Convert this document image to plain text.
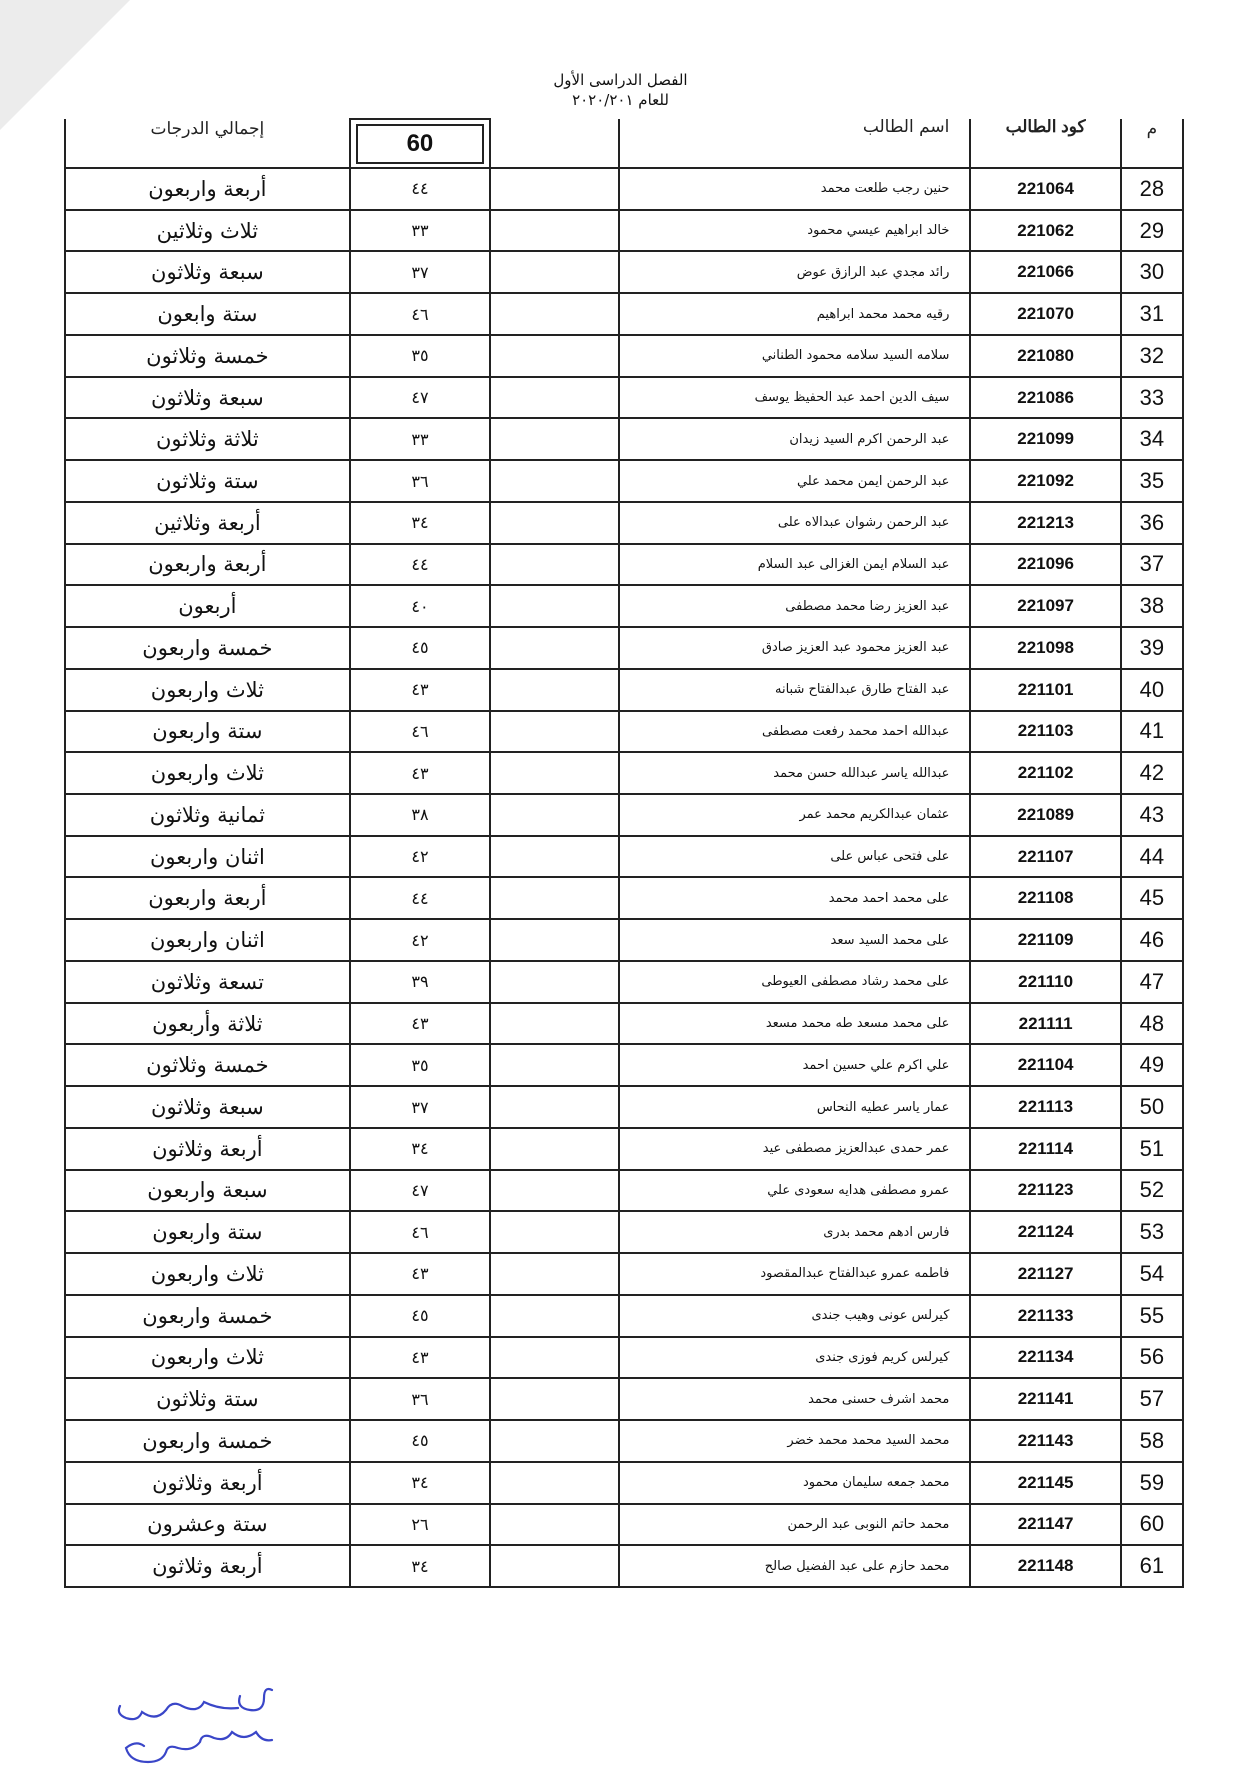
الفصل الدراسى الأول
للعام ٢٠٢٠/٢٠١
$^{إجمالي الدرجات}$	60		اسم الطالب	كود الطالب	$^م$
أربعة واربعون	٤٤		حنين رجب طلعت محمد	221064	28
ثلاث وثلاثين	٣٣		خالد ابراهيم عيسي محمود	221062	29
سبعة وثلاثون	٣٧		رائد مجدي عبد الرازق عوض	221066	30
ستة وابعون	٤٦		رقيه محمد محمد ابراهيم	221070	31
خمسة وثلاثون	٣٥		سلامه السيد سلامه محمود الطناني	221080	32
سبعة وثلاثون	٤٧		سيف الدين احمد عبد الحفيظ يوسف	221086	33
ثلاثة وثلاثون	٣٣		عبد الرحمن اكرم السيد زيدان	221099	34
ستة وثلاثون	٣٦		عبد الرحمن ايمن محمد علي	221092	35
أربعة وثلاثين	٣٤		عبد الرحمن رشوان عبدالاه على	221213	36
أربعة واربعون	٤٤		عبد السلام ايمن الغزالى عبد السلام	221096	37
أربعون	٤٠		عبد العزيز رضا محمد مصطفى	221097	38
خمسة واربعون	٤٥		عبد العزيز محمود عبد العزيز صادق	221098	39
ثلاث واربعون	٤٣		عبد الفتاح طارق عبدالفتاح شبانه	221101	40
ستة واربعون	٤٦		عبدالله احمد محمد رفعت مصطفى	221103	41
ثلاث واربعون	٤٣		عبدالله ياسر عبدالله حسن محمد	221102	42
ثمانية وثلاثون	٣٨		عثمان عبدالكريم محمد عمر	221089	43
اثنان واربعون	٤٢		على فتحى عباس على	221107	44
أربعة واربعون	٤٤		على محمد احمد محمد	221108	45
اثنان واربعون	٤٢		على محمد السيد سعد	221109	46
تسعة وثلاثون	٣٩		على محمد رشاد مصطفى العيوطى	221110	47
ثلاثة وأربعون	٤٣		على محمد مسعد طه محمد مسعد	221111	48
خمسة وثلاثون	٣٥		علي اكرم علي حسين احمد	221104	49
سبعة وثلاثون	٣٧		عمار ياسر عطيه النحاس	221113	50
أربعة وثلاثون	٣٤		عمر حمدى عبدالعزيز مصطفى عيد	221114	51
سبعة واربعون	٤٧		عمرو مصطفى هدايه سعودى علي	221123	52
ستة واربعون	٤٦		فارس ادهم محمد بدرى	221124	53
ثلاث واربعون	٤٣		فاطمه عمرو عبدالفتاح عبدالمقصود	221127	54
خمسة واربعون	٤٥		كيرلس عونى وهيب جندى	221133	55
ثلاث واربعون	٤٣		كيرلس كريم فوزى جندى	221134	56
ستة وثلاثون	٣٦		محمد اشرف حسنى محمد	221141	57
خمسة واربعون	٤٥		محمد السيد محمد محمد خضر	221143	58
أربعة وثلاثون	٣٤		محمد جمعه سليمان محمود	221145	59
ستة وعشرون	٢٦		محمد حاتم النوبى عبد الرحمن	221147	60
أربعة وثلاثون	٣٤		محمد حازم على عبد الفضيل صالح	221148	61
